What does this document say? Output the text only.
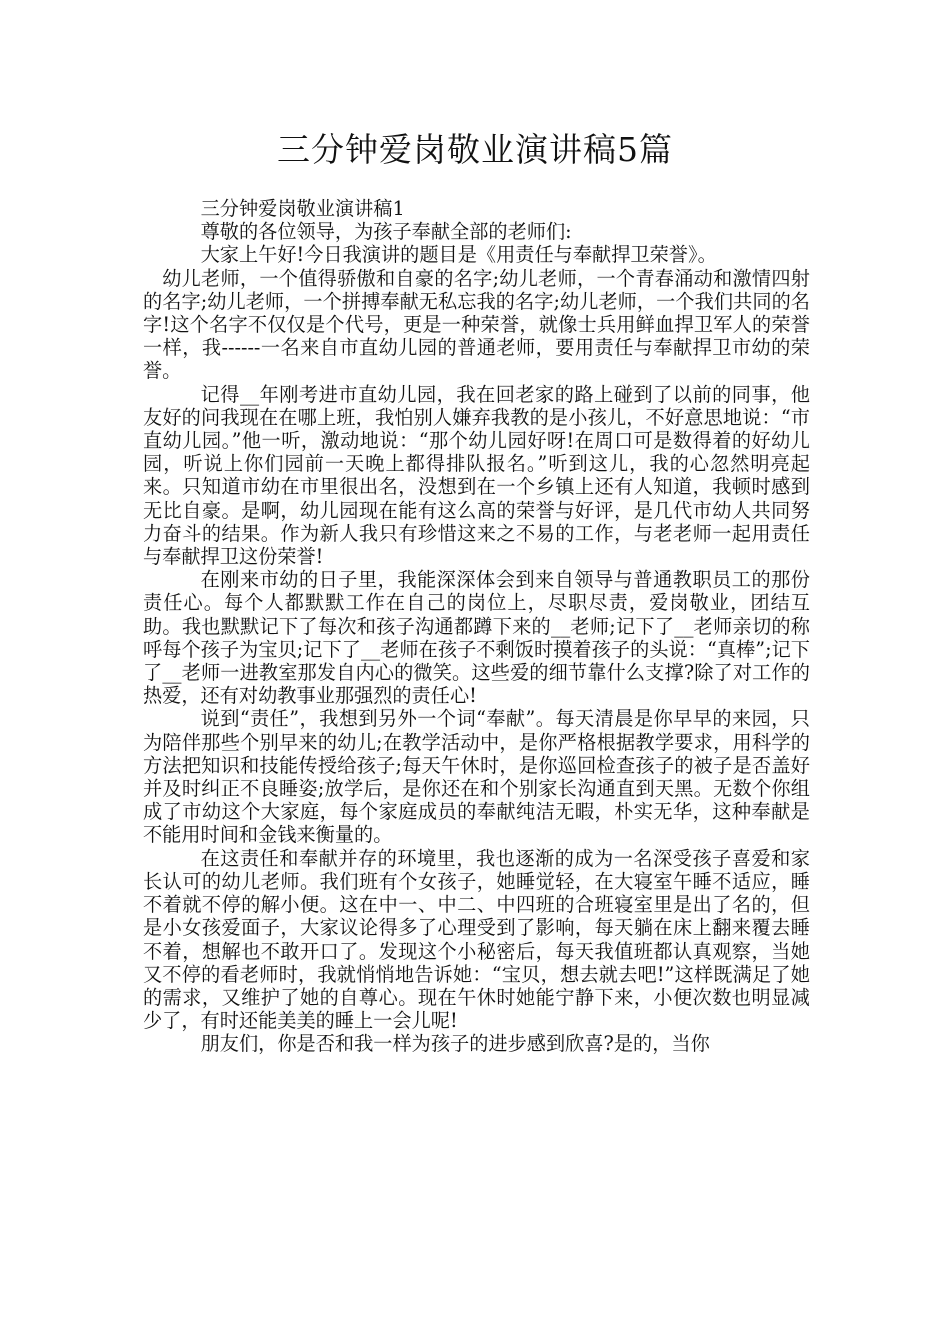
三分钟爱岗敬业演讲稿5篇

三分钟爱岗敬业演讲稿1

尊敬的各位领导，为孩子奉献全部的老师们:

大家上午好!今日我演讲的题目是《用责任与奉献捍卫荣誉》。

幼儿老师，一个值得骄傲和自豪的名字;幼儿老师，一个青春涌动和激情四射的名字;幼儿老师，一个拼搏奉献无私忘我的名字;幼儿老师，一个我们共同的名字!这个名字不仅仅是个代号，更是一种荣誉，就像士兵用鲜血捍卫军人的荣誉一样，我------一名来自市直幼儿园的普通老师，要用责任与奉献捍卫市幼的荣誉。

记得__年刚考进市直幼儿园，我在回老家的路上碰到了以前的同事，他友好的问我现在在哪上班，我怕别人嫌弃我教的是小孩儿，不好意思地说：“市直幼儿园。”他一听，激动地说：“那个幼儿园好呀!在周口可是数得着的好幼儿园，听说上你们园前一天晚上都得排队报名。”听到这儿，我的心忽然明亮起来。只知道市幼在市里很出名，没想到在一个乡镇上还有人知道，我顿时感到无比自豪。是啊，幼儿园现在能有这么高的荣誉与好评，是几代市幼人共同努力奋斗的结果。作为新人我只有珍惜这来之不易的工作，与老老师一起用责任与奉献捍卫这份荣誉!

在刚来市幼的日子里，我能深深体会到来自领导与普通教职员工的那份责任心。每个人都默默工作在自己的岗位上，尽职尽责，爱岗敬业，团结互助。我也默默记下了每次和孩子沟通都蹲下来的__老师;记下了__老师亲切的称呼每个孩子为宝贝;记下了__老师在孩子不剩饭时摸着孩子的头说：“真棒”;记下了__老师一进教室那发自内心的微笑。这些爱的细节靠什么支撑?除了对工作的热爱，还有对幼教事业那强烈的责任心!

说到“责任”，我想到另外一个词“奉献”。每天清晨是你早早的来园，只为陪伴那些个别早来的幼儿;在教学活动中，是你严格根据教学要求，用科学的方法把知识和技能传授给孩子;每天午休时，是你巡回检查孩子的被子是否盖好并及时纠正不良睡姿;放学后，是你还在和个别家长沟通直到天黑。无数个你组成了市幼这个大家庭，每个家庭成员的奉献纯洁无暇，朴实无华，这种奉献是不能用时间和金钱来衡量的。

在这责任和奉献并存的环境里，我也逐渐的成为一名深受孩子喜爱和家长认可的幼儿老师。我们班有个女孩子，她睡觉轻，在大寝室午睡不适应，睡不着就不停的解小便。这在中一、中二、中四班的合班寝室里是出了名的，但是小女孩爱面子，大家议论得多了心理受到了影响，每天躺在床上翻来覆去睡不着，想解也不敢开口了。发现这个小秘密后，每天我值班都认真观察，当她又不停的看老师时，我就悄悄地告诉她：“宝贝，想去就去吧!”这样既满足了她的需求，又维护了她的自尊心。现在午休时她能宁静下来，小便次数也明显减少了，有时还能美美的睡上一会儿呢!

朋友们，你是否和我一样为孩子的进步感到欣喜?是的，当你
